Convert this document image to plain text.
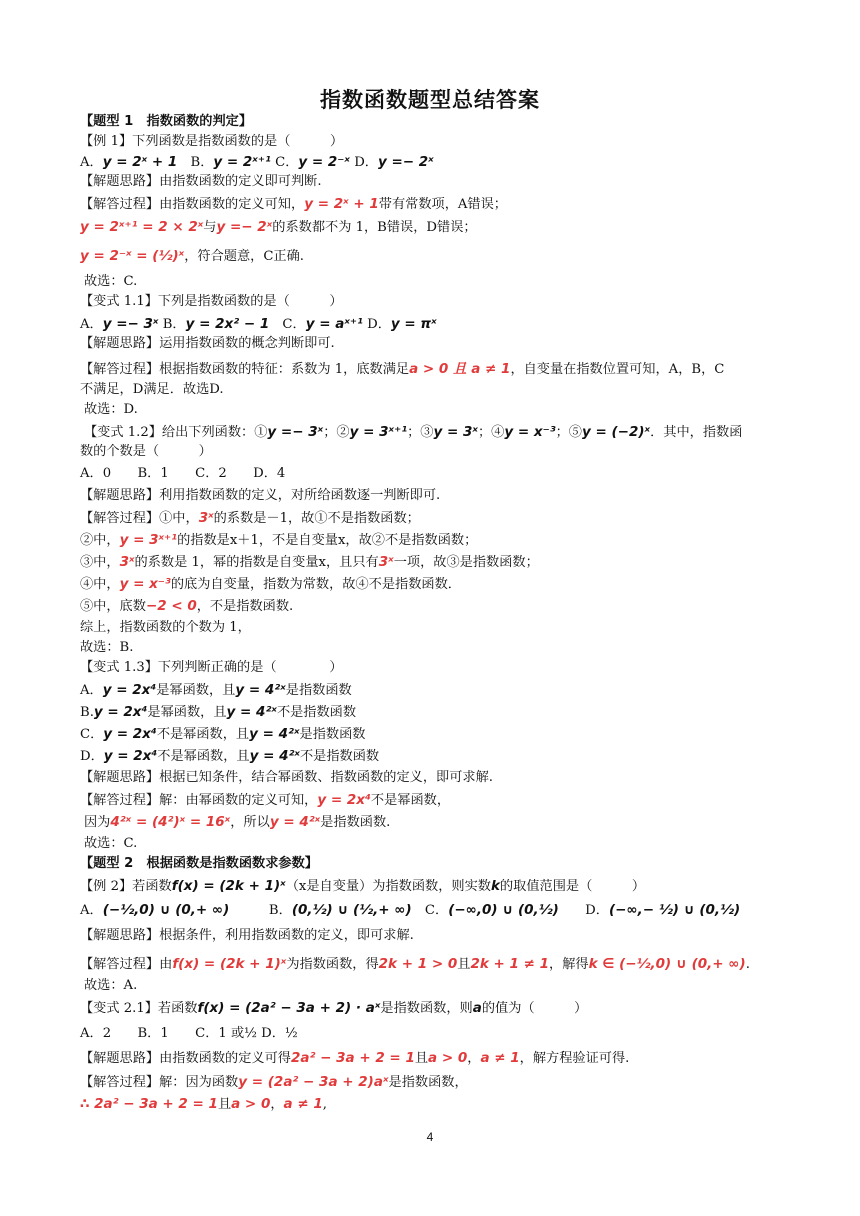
指数函数题型总结答案
【题型 1　指数函数的判定】
【例 1】下列函数是指数函数的是（　　　）
A．y = 2ˣ + 1　B．y = 2ˣ⁺¹ C．y = 2⁻ˣ D．y =− 2ˣ
【解题思路】由指数函数的定义即可判断.
【解答过程】由指数函数的定义可知，y = 2ˣ + 1带有常数项，A错误；
y = 2ˣ⁺¹ = 2 × 2ˣ与y =− 2ˣ的系数都不为 1，B错误，D错误；
y = 2⁻ˣ = (½)ˣ，符合题意，C正确.
故选：C.
【变式 1.1】下列是指数函数的是（　　　）
A．y =− 3ˣ B．y = 2x² − 1　C．y = aˣ⁺¹ D．y = πˣ
【解题思路】运用指数函数的概念判断即可.
【解答过程】根据指数函数的特征：系数为 1，底数满足a > 0 且 a ≠ 1，自变量在指数位置可知，A，B，C
不满足，D满足．故选D.
故选：D.
【变式 1.2】给出下列函数：①y =− 3ˣ；②y = 3ˣ⁺¹；③y = 3ˣ；④y = x⁻³；⑤y = (−2)ˣ．其中，指数函
数的个数是（　　　）
A．0　　B．1　　C．2　　D．4
【解题思路】利用指数函数的定义，对所给函数逐一判断即可.
【解答过程】①中，3ˣ的系数是－1，故①不是指数函数；
②中，y = 3ˣ⁺¹的指数是x＋1，不是自变量x，故②不是指数函数；
③中，3ˣ的系数是 1，幂的指数是自变量x，且只有3ˣ一项，故③是指数函数；
④中，y = x⁻³的底为自变量，指数为常数，故④不是指数函数．
⑤中，底数−2 < 0，不是指数函数.
综上，指数函数的个数为 1，
故选：B.
【变式 1.3】下列判断正确的是（　　　　）
A．y = 2x⁴是幂函数，且y = 4²ˣ是指数函数
B.y = 2x⁴是幂函数，且y = 4²ˣ不是指数函数
C．y = 2x⁴不是幂函数，且y = 4²ˣ是指数函数
D．y = 2x⁴不是幂函数，且y = 4²ˣ不是指数函数
【解题思路】根据已知条件，结合幂函数、指数函数的定义，即可求解.
【解答过程】解：由幂函数的定义可知，y = 2x⁴不是幂函数，
因为4²ˣ = (4²)ˣ = 16ˣ，所以y = 4²ˣ是指数函数.
故选：C.
【题型 2　根据函数是指数函数求参数】
【例 2】若函数f(x) = (2k + 1)ˣ（x是自变量）为指数函数，则实数k的取值范围是（　　　）
A．(−½,0) ∪ (0,+ ∞)　　　B．(0,½) ∪ (½,+ ∞)　C．(−∞,0) ∪ (0,½)　　D．(−∞,− ½) ∪ (0,½)
【解题思路】根据条件，利用指数函数的定义，即可求解.
【解答过程】由f(x) = (2k + 1)ˣ为指数函数，得2k + 1 > 0且2k + 1 ≠ 1，解得k ∈ (−½,0) ∪ (0,+ ∞).
故选：A.
【变式 2.1】若函数f(x) = (2a² − 3a + 2) · aˣ是指数函数，则a的值为（　　　）
A．2　　B．1　　C．1 或½ D．½
【解题思路】由指数函数的定义可得2a² − 3a + 2 = 1且a > 0，a ≠ 1，解方程验证可得.
【解答过程】解：因为函数y = (2a² − 3a + 2)aˣ是指数函数，
∴ 2a² − 3a + 2 = 1且a > 0，a ≠ 1,
4
